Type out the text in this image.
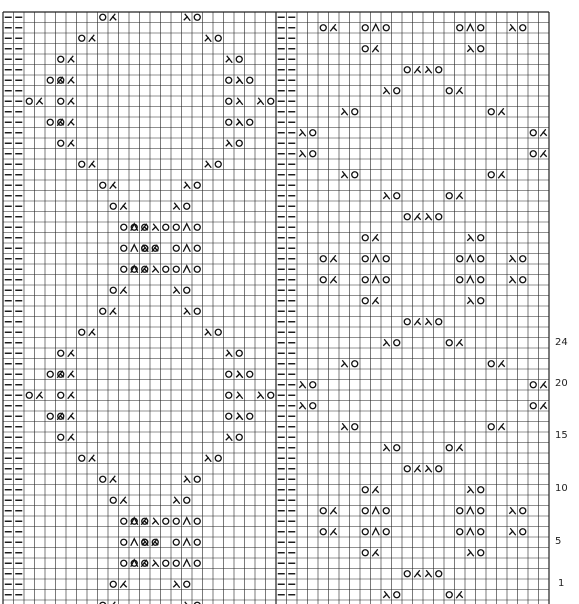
24
20
15
10
5
1
